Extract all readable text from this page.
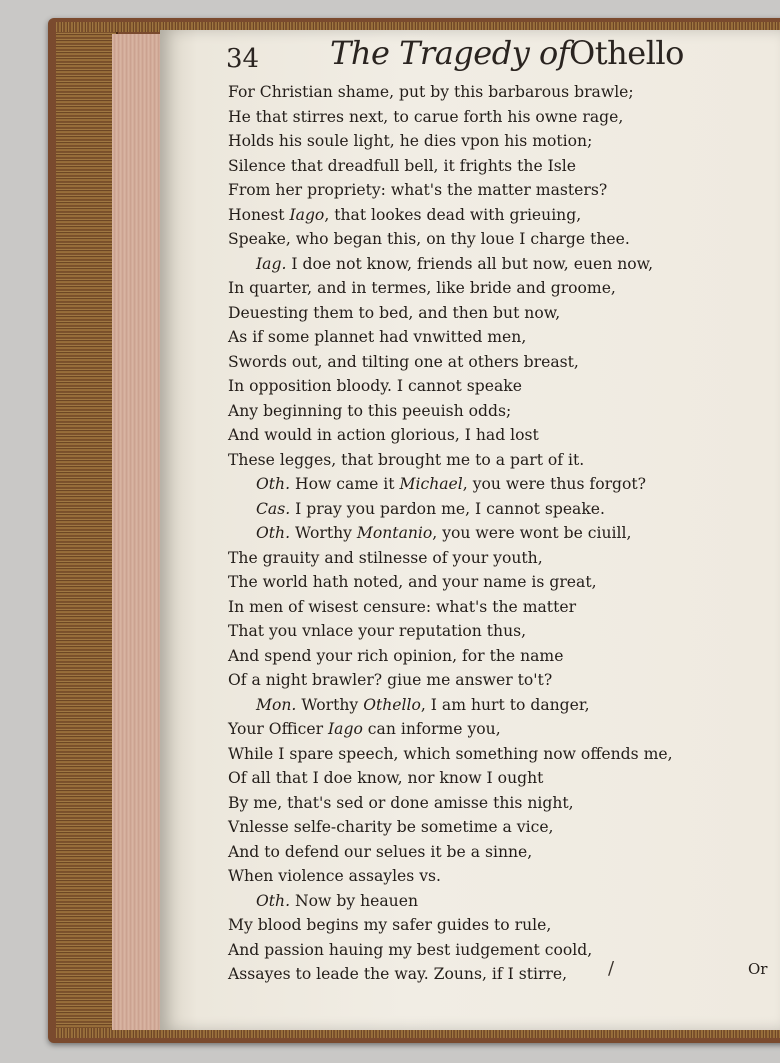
34 The Tragedy ofOthello
For Christian shame, put by this barbarous brawle;
He that stirres next, to carue forth his owne rage,
Holds his soule light, he dies vpon his motion;
Silence that dreadfull bell, it frights the Isle
From her propriety: what's the matter masters?
Honest Iago, that lookes dead with grieuing,
Speake, who began this, on thy loue I charge thee.
Iag. I doe not know, friends all but now, euen now,
In quarter, and in termes, like bride and groome,
Deuesting them to bed, and then but now,
As if some plannet had vnwitted men,
Swords out, and tilting one at others breast,
In opposition bloody. I cannot speake
Any beginning to this peeuish odds;
And would in action glorious, I had lost
These legges, that brought me to a part of it.
Oth. How came it Michael, you were thus forgot?
Cas. I pray you pardon me, I cannot speake.
Oth. Worthy Montanio, you were wont be ciuill,
The grauity and stilnesse of your youth,
The world hath noted, and your name is great,
In men of wisest censure: what's the matter
That you vnlace your reputation thus,
And spend your rich opinion, for the name
Of a night brawler? giue me answer to't?
Mon. Worthy Othello, I am hurt to danger,
Your Officer Iago can informe you,
While I spare speech, which something now offends me,
Of all that I doe know, nor know I ought
By me, that's sed or done amisse this night,
Vnlesse selfe-charity be sometime a vice,
And to defend our selues it be a sinne,
When violence assayles vs.
Oth. Now by heauen
My blood begins my safer guides to rule,
And passion hauing my best iudgement coold,
Assayes to leade the way. Zouns, if I stirre,	/	Or
